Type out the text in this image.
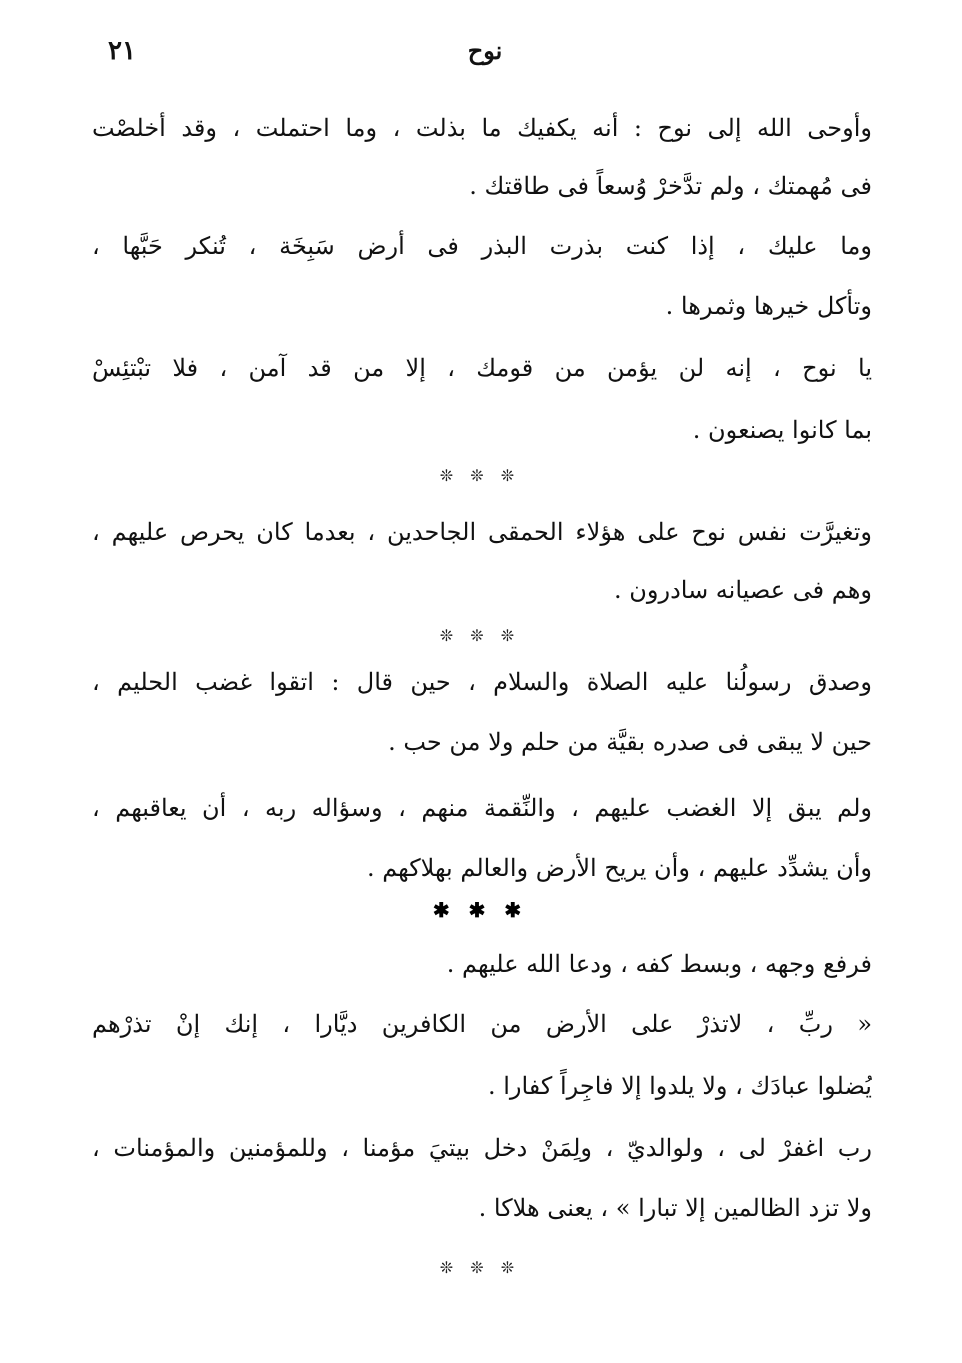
٢١	نوح
وأوحى الله إلى نوح : أنه يكفيك ما بذلت ، وما احتملت ، وقد أخلصْت
فى مُهمتك ، ولم تدَّخرْ وُسعاً فى طاقتك .
وما عليك ، إذا كنت بذرت البذر فى أرض سَبِخَة ، تُنكر حَبَّها ،
وتأكل خيرها وثمرها .
يا نوح ، إنه لن يؤمن من قومك ، إلا من قد آمن ، فلا تبْتئِسْ
بما كانوا يصنعون .
❊ ❊ ❊
وتغيرَّت نفس نوح على هؤلاء الحمقى الجاحدين ، بعدما كان يحرص عليهم ،
وهم فى عصيانه سادرون .
❊ ❊ ❊
وصدق رسولُنا عليه الصلاة والسلام ، حين قال : اتقوا غضب الحليم ،
حين لا يبقى فى صدره بقيَّة من حلم ولا من حب .
ولم يبق إلا الغضب عليهم ، والنِّقمة منهم ، وسؤاله ربه ، أن يعاقبهم ،
وأن يشدِّد عليهم ، وأن يريح الأرض والعالم بهلاكهم .
✱ ✱ ✱
فرفع وجهه ، وبسط كفه ، ودعا الله عليهم .
« ربِّ ، لاتذرْ على الأرض من الكافرين ديَّارا ، إنك إنْ تذرْهم
يُضلوا عبادَك ، ولا يلدوا إلا فاجِراً كفارا .
رب اغفرْ لى ، ولوالديّ ، ولِمَنْ دخل بيتيَ مؤمنا ، وللمؤمنين والمؤمنات ،
ولا تزد الظالمين إلا تبارا » ، يعنى هلاكا .
❊ ❊ ❊
